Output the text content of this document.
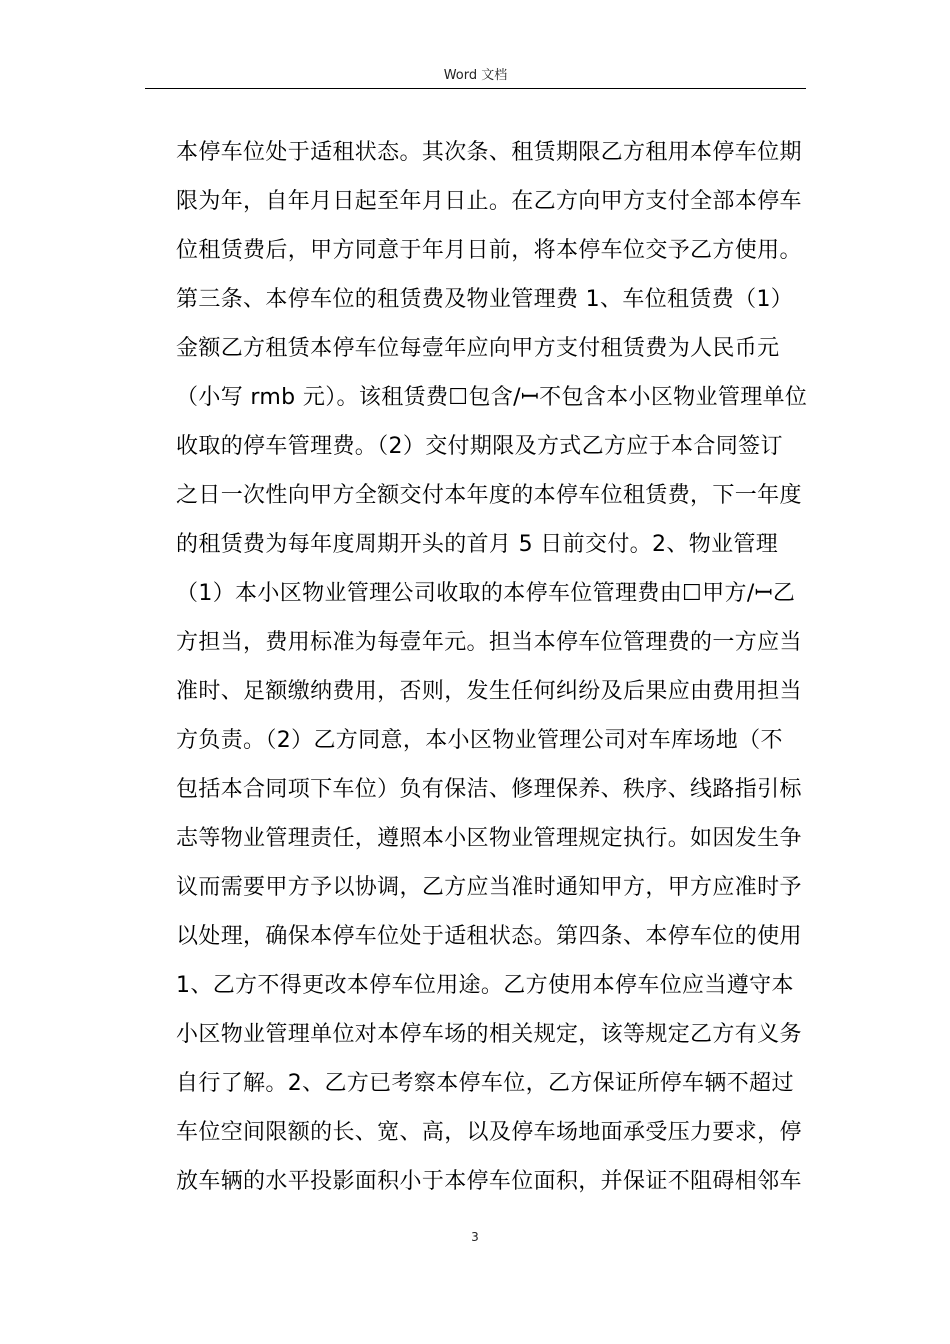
Word 文档
本停车位处于适租状态。其次条、租赁期限乙方租用本停车位期
限为年，自年月日起至年月日止。在乙方向甲方支付全部本停车
位租赁费后，甲方同意于年月日前，将本停车位交予乙方使用。
第三条、本停车位的租赁费及物业管理费 1、车位租赁费（1）
金额乙方租赁本停车位每壹年应向甲方支付租赁费为人民币元
（小写 rmb 元）。该租赁费☐包含/ꟷ不包含本小区物业管理单位
收取的停车管理费。（2）交付期限及方式乙方应于本合同签订
之日一次性向甲方全额交付本年度的本停车位租赁费，下一年度
的租赁费为每年度周期开头的首月 5 日前交付。2、物业管理
（1）本小区物业管理公司收取的本停车位管理费由☐甲方/ꟷ乙
方担当，费用标准为每壹年元。担当本停车位管理费的一方应当
准时、足额缴纳费用，否则，发生任何纠纷及后果应由费用担当
方负责。（2）乙方同意，本小区物业管理公司对车库场地（不
包括本合同项下车位）负有保洁、修理保养、秩序、线路指引标
志等物业管理责任，遵照本小区物业管理规定执行。如因发生争
议而需要甲方予以协调，乙方应当准时通知甲方，甲方应准时予
以处理，确保本停车位处于适租状态。第四条、本停车位的使用
1、乙方不得更改本停车位用途。乙方使用本停车位应当遵守本
小区物业管理单位对本停车场的相关规定，该等规定乙方有义务
自行了解。2、乙方已考察本停车位，乙方保证所停车辆不超过
车位空间限额的长、宽、高，以及停车场地面承受压力要求，停
放车辆的水平投影面积小于本停车位面积，并保证不阻碍相邻车
3
